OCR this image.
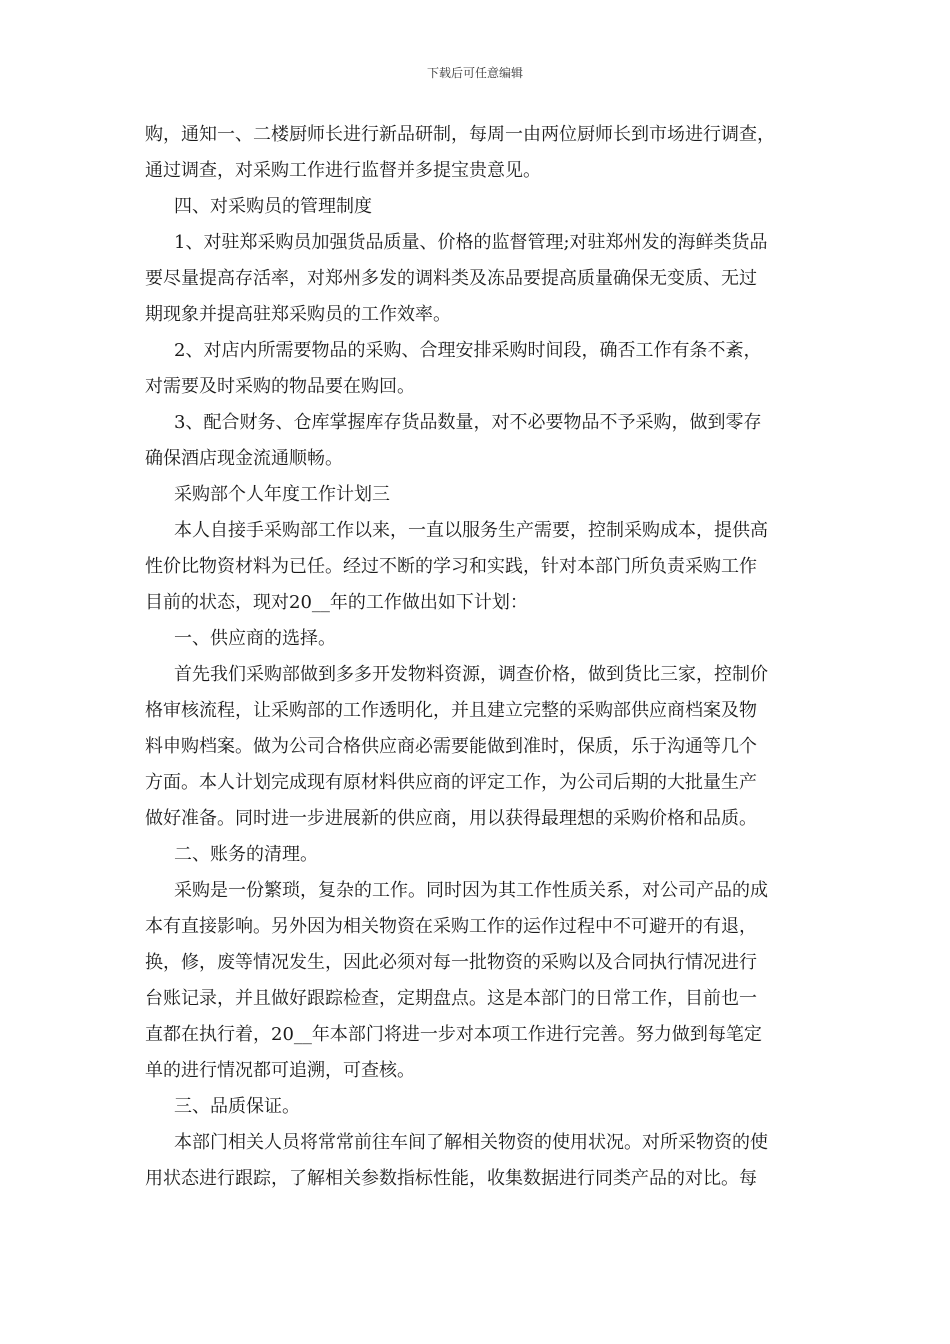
下载后可任意编辑
购，通知一、二楼厨师长进行新品研制，每周一由两位厨师长到市场进行调查，
通过调查，对采购工作进行监督并多提宝贵意见。
四、对采购员的管理制度
1、对驻郑采购员加强货品质量、价格的监督管理;对驻郑州发的海鲜类货品
要尽量提高存活率，对郑州多发的调料类及冻品要提高质量确保无变质、无过
期现象并提高驻郑采购员的工作效率。
2、对店内所需要物品的采购、合理安排采购时间段，确否工作有条不紊，
对需要及时采购的物品要在购回。
3、配合财务、仓库掌握库存货品数量，对不必要物品不予采购，做到零存
确保酒店现金流通顺畅。
采购部个人年度工作计划三
本人自接手采购部工作以来，一直以服务生产需要，控制采购成本，提供高
性价比物资材料为已任。经过不断的学习和实践，针对本部门所负责采购工作
目前的状态，现对20__年的工作做出如下计划：
一、供应商的选择。
首先我们采购部做到多多开发物料资源，调查价格，做到货比三家，控制价
格审核流程，让采购部的工作透明化，并且建立完整的采购部供应商档案及物
料申购档案。做为公司合格供应商必需要能做到准时，保质，乐于沟通等几个
方面。本人计划完成现有原材料供应商的评定工作，为公司后期的大批量生产
做好准备。同时进一步进展新的供应商，用以获得最理想的采购价格和品质。
二、账务的清理。
采购是一份繁琐，复杂的工作。同时因为其工作性质关系，对公司产品的成
本有直接影响。另外因为相关物资在采购工作的运作过程中不可避开的有退，
换，修，废等情况发生，因此必须对每一批物资的采购以及合同执行情况进行
台账记录，并且做好跟踪检查，定期盘点。这是本部门的日常工作，目前也一
直都在执行着，20__年本部门将进一步对本项工作进行完善。努力做到每笔定
单的进行情况都可追溯，可查核。
三、品质保证。
本部门相关人员将常常前往车间了解相关物资的使用状况。对所采物资的使
用状态进行跟踪，了解相关参数指标性能，收集数据进行同类产品的对比。每
